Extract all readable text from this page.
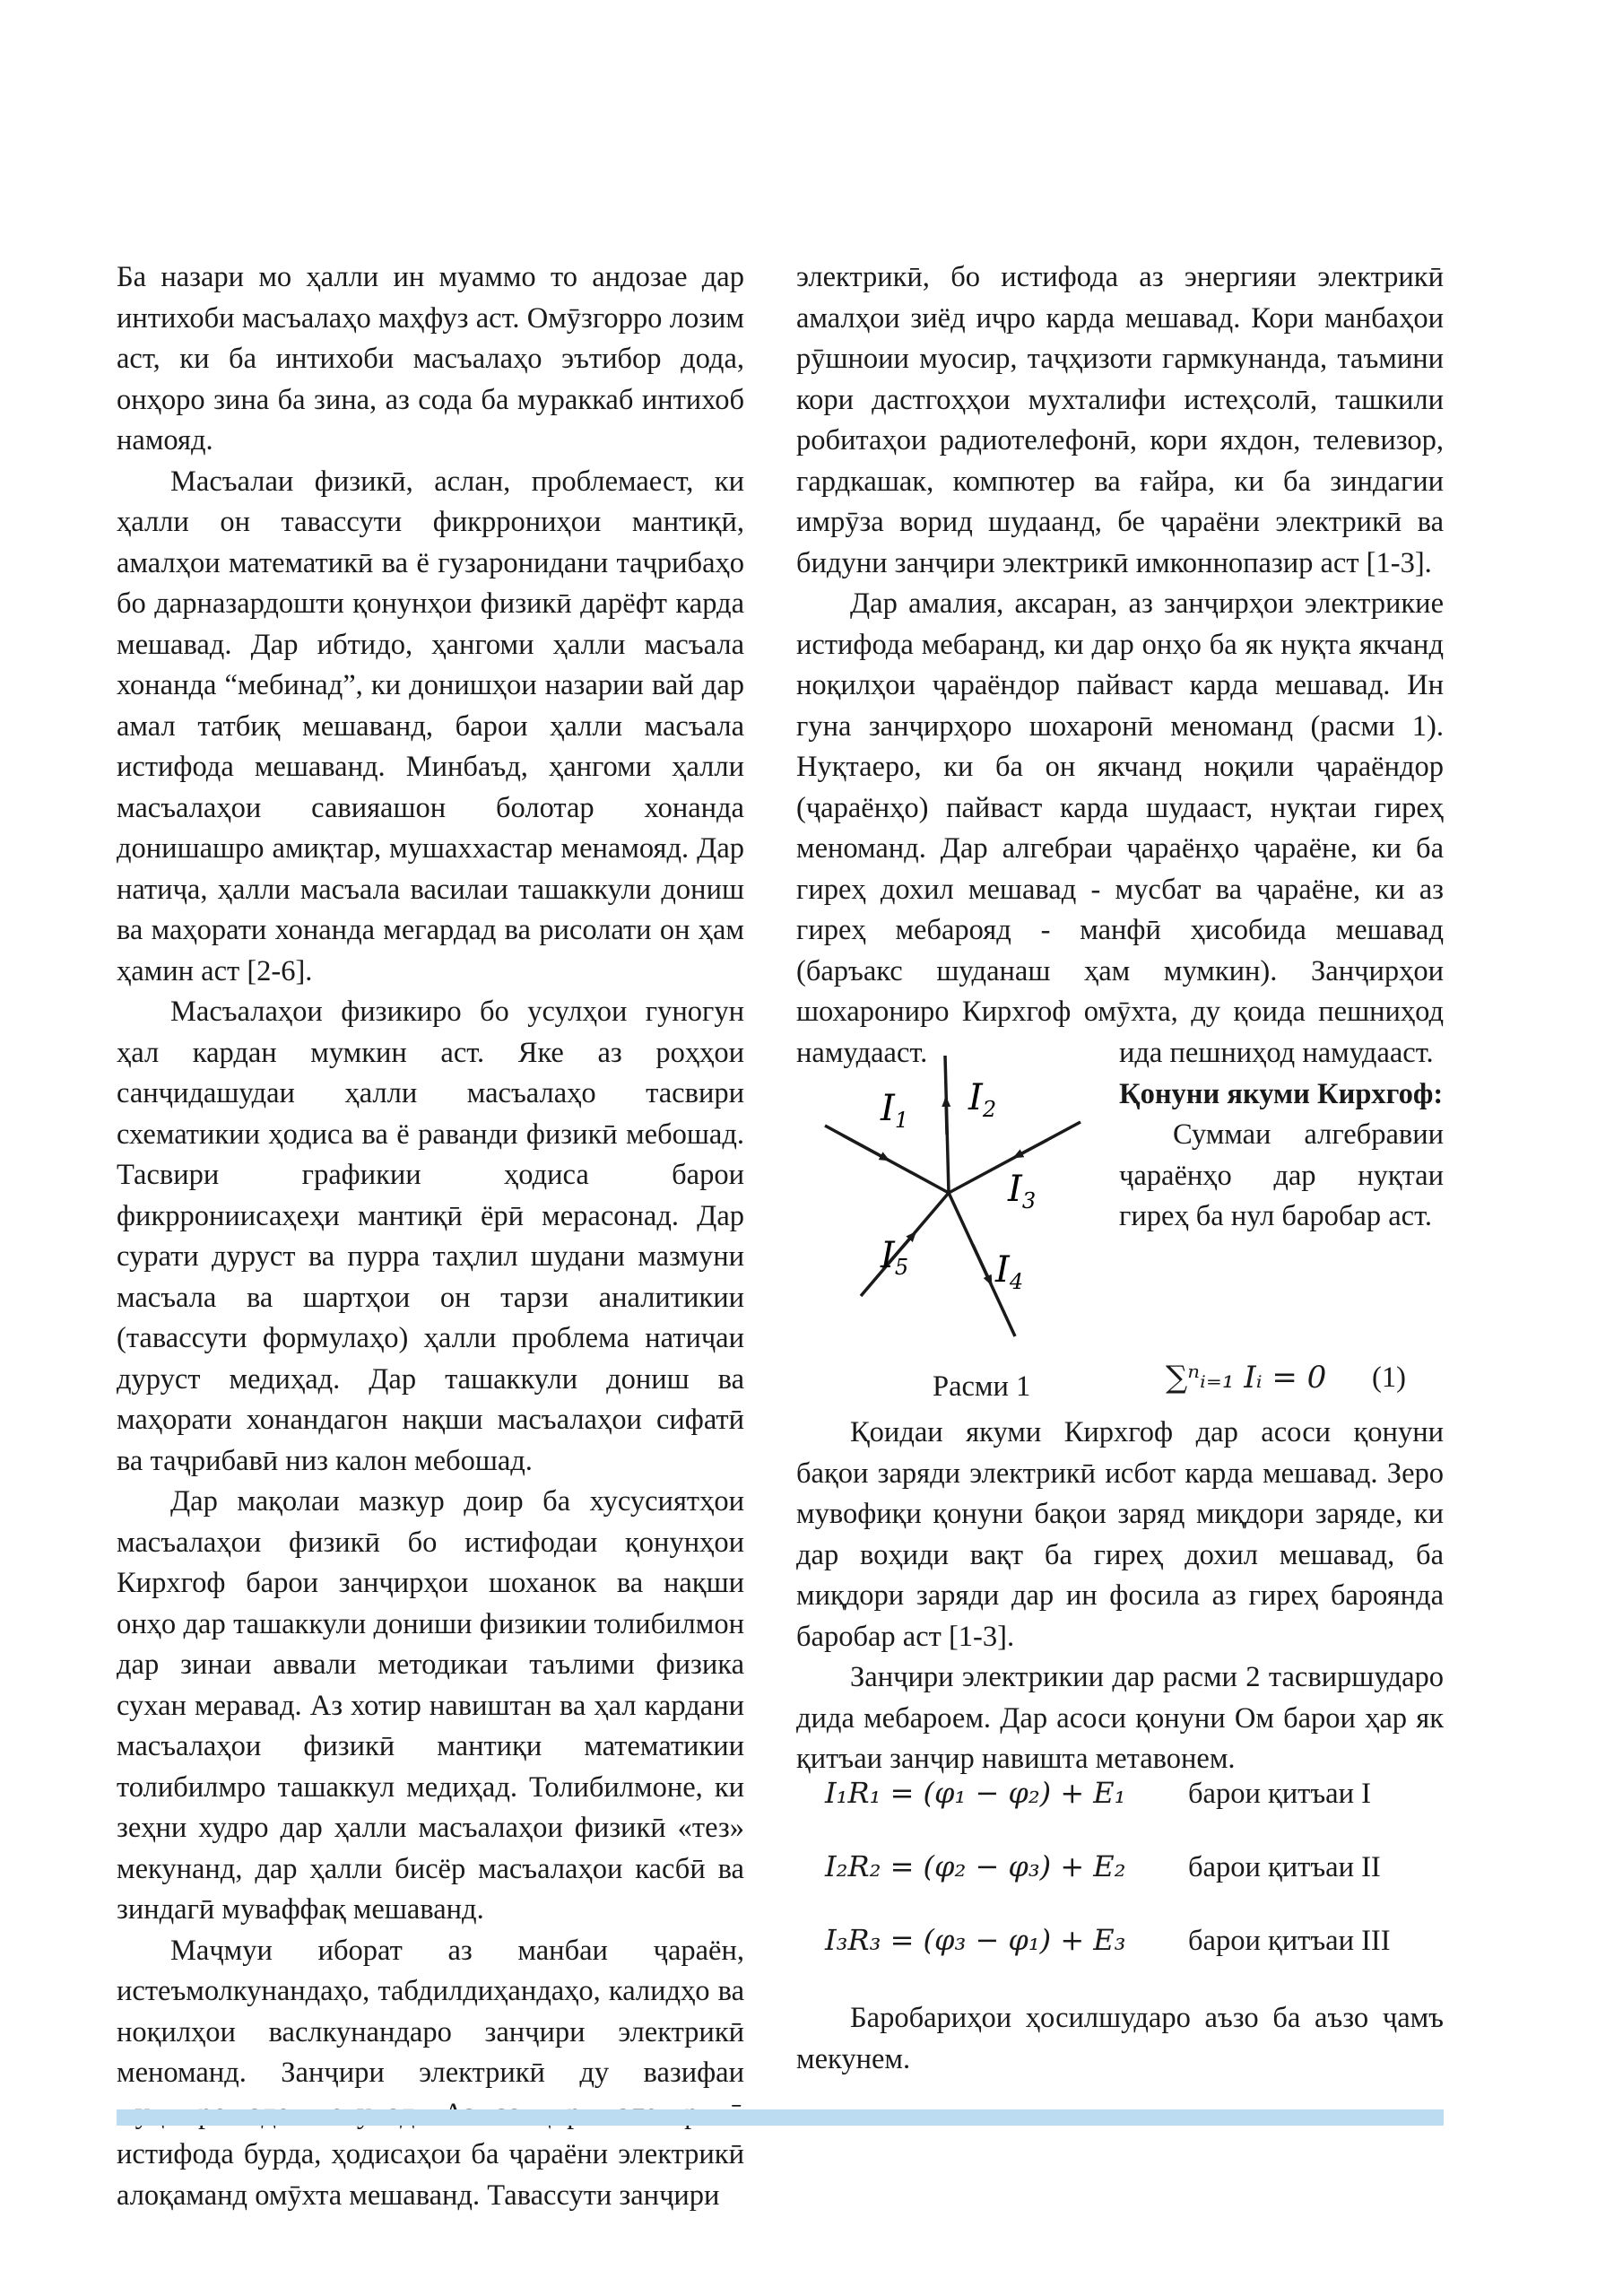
Ба назари мо ҳалли ин муаммо то андозае дар интихоби масъалаҳо маҳфуз аст. Омӯзгорро лозим аст, ки ба интихоби масъалаҳо эътибор дода, онҳоро зина ба зина, аз сода ба мураккаб интихоб намояд.

Масъалаи физикӣ, аслан, проблемаест, ки ҳалли он тавассути фикррониҳои мантиқӣ, амалҳои математикӣ ва ё гузаронидани таҷрибаҳо бо дарназардошти қонунҳои физикӣ дарёфт карда мешавад. Дар ибтидо, ҳангоми ҳалли масъала хонанда “мебинад”, ки донишҳои назарии вай дар амал татбиқ мешаванд, барои ҳалли масъала истифода мешаванд. Минбаъд, ҳангоми ҳалли масъалаҳои савияашон болотар хонанда донишашро амиқтар, мушаххастар менамояд. Дар натиҷа, ҳалли масъала василаи ташаккули дониш ва маҳорати хонанда мегардад ва рисолати он ҳам ҳамин аст [2-6].

Масъалаҳои физикиро бо усулҳои гуногун ҳал кардан мумкин аст. Яке аз роҳҳои санҷидашудаи ҳалли масъалаҳо тасвири схематикии ҳодиса ва ё раванди физикӣ мебошад. Тасвири графикии ҳодиса барои фикррониисаҳеҳи мантиқӣ ёрӣ мерасонад. Дар сурати дуруст ва пурра таҳлил шудани мазмуни масъала ва шартҳои он тарзи аналитикии (тавассути формулаҳо) ҳалли проблема натиҷаи дуруст медиҳад. Дар ташаккули дониш ва маҳорати хонандагон нақши масъалаҳои сифатӣ ва таҷрибавӣ низ калон мебошад.

Дар мақолаи мазкур доир ба хусусиятҳои масъалаҳои физикӣ бо истифодаи қонунҳои Кирхгоф барои занҷирҳои шоханок ва нақши онҳо дар ташаккули дониши физикии толибилмон дар зинаи аввали методикаи таълими физика сухан меравад. Аз хотир навиштан ва ҳал кардани масъалаҳои физикӣ мантиқи математикии толибилмро ташаккул медиҳад. Толибилмоне, ки зеҳни худро дар ҳалли масъалаҳои физикӣ «тез» мекунанд, дар ҳалли бисёр масъалаҳои касбӣ ва зиндагӣ муваффақ мешаванд.

Маҷмуи иборат аз манбаи ҷараён, истеъмолкунандаҳо, табдилдиҳандаҳо, калидҳо ва ноқилҳои васлкунандаро занҷири электрикӣ меноманд. Занҷири электрикӣ ду вазифаи истифода бурда, ҳодисаҳои ба ҷараёни электрикӣ алоқаманд омӯхта мешаванд. Тавассути занҷири

электрикӣ, бо истифода аз энергияи электрикӣ амалҳои зиёд иҷро карда мешавад. Кори манбаҳои рӯшноии муосир, таҷҳизоти гармкунанда, таъмини кори дастгоҳҳои мухталифи истеҳсолӣ, ташкили робитаҳои радиотелефонӣ, кори яхдон, телевизор, гардкашак, компютер ва ғайра, ки ба зиндагии имрӯза ворид шудаанд, бе ҷараёни электрикӣ ва бидуни занҷири электрикӣ имконнопазир аст [1-3].

Дар амалия, аксаран, аз занҷирҳои электрикие истифода мебаранд, ки дар онҳо ба як нуқта якчанд ноқилҳои ҷараёндор пайваст карда мешавад. Ин гуна занҷирҳоро шохаронӣ меноманд (расми 1). Нуқтаеро, ки ба он якчанд ноқили ҷараёндор (ҷараёнҳо) пайваст карда шудааст, нуқтаи гиреҳ меноманд. Дар алгебраи ҷараёнҳо ҷараёне, ки ба гиреҳ дохил мешавад - мусбат ва ҷараёне, ки аз гиреҳ мебарояд - манфӣ ҳисобида мешавад (баръакс шуданаш ҳам мумкин). Занҷирҳои шохарониро Кирхгоф омӯхта, ду қоида пешниҳод намудааст.	ида пешниҳод намудааст.

Қонуни якуми Кирхгоф:

Суммаи алгебравии ҷараёнҳо дар нуқтаи гиреҳ ба нул баробар аст.

$I_1$
$I_2$
$I_3$
$I_5$ $I_4$
Расми 1	∑ⁿᵢ₌₁ Iᵢ = 0 (1)

Қоидаи якуми Кирхгоф дар асоси қонуни бақои заряди электрикӣ исбот карда мешавад. Зеро мувофиқи қонуни бақои заряд миқдори заряде, ки дар воҳиди вақт ба гиреҳ дохил мешавад, ба миқдори заряди дар ин фосила аз гиреҳ бароянда баробар аст [1-3].

Занҷири электрикии дар расми 2 тасвиршударо дида мебароем. Дар асоси қонуни Ом барои ҳар як қитъаи занҷир навишта метавонем.

I₁R₁ = (φ₁ − φ₂) + E₁ барои қитъаи I
I₂R₂ = (φ₂ − φ₃) + E₂ барои қитъаи II
I₃R₃ = (φ₃ − φ₁) + E₃ барои қитъаи III

Баробариҳои ҳосилшударо аъзо ба аъзо ҷамъ мекунем.
